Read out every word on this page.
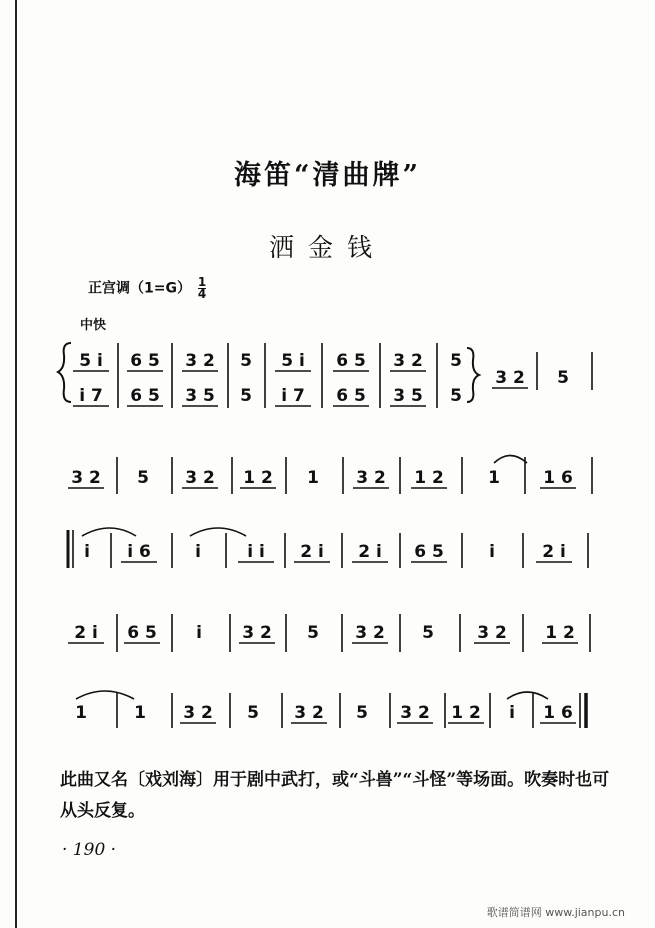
海笛“清曲牌”
洒金钱
正宫调$(1=G) \frac{1}{4}$
中快
5 i 6 5 3 2 5 5 i 6 5 3 2 5
i 7 6 5 3 5 5 i 7 6 5 3 5 5
3 2 5
3 2 5 3 2 1 2 1 3 2 1 2	1	1 6
i i 6	i	i i 2 i 2 i 6 5	i	2 i
2 i 6 5 i 3 2 5 3 2 5	3 2 1 2
1	1 3 2 5 3 2 5 3 2 1 2 i 1 6
此曲又名〔戏刘海〕用于剧中武打，或“斗兽”“斗怪”等场面。吹奏时也可从头反复。
· 190 ·
歌谱简谱网 www.jianpu.cn
